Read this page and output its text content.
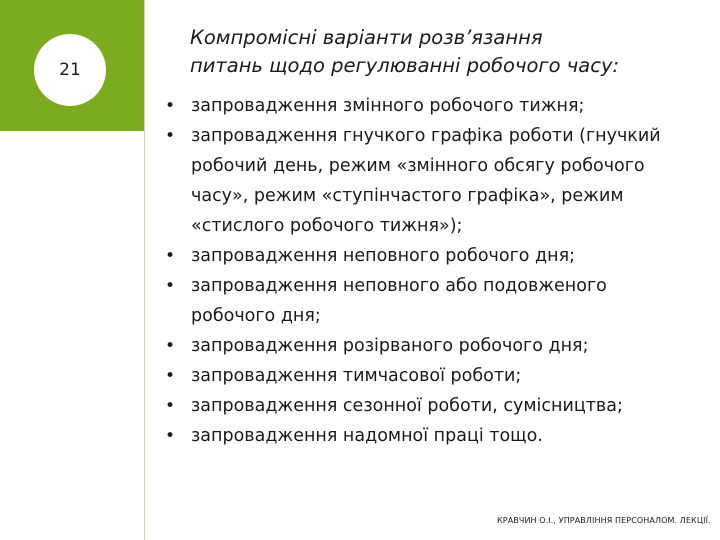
21
Компромісні варіанти розв’язання
питань щодо регулюванні робочого часу:
• запровадження змінного робочого тижня;
• запровадження гнучкого графіка роботи (гнучкий
робочий день, режим «змінного обсягу робочого
часу», режим «ступінчастого графіка», режим
«стислого робочого тижня»);
• запровадження неповного робочого дня;
• запровадження неповного або подовженого
робочого дня;
• запровадження розірваного робочого дня;
• запровадження тимчасової роботи;
• запровадження сезонної роботи, сумісництва;
• запровадження надомної праці тощо.
КРАВЧИН О.І., УПРАВЛІННЯ ПЕРСОНАЛОМ. ЛЕКЦІЇ.
